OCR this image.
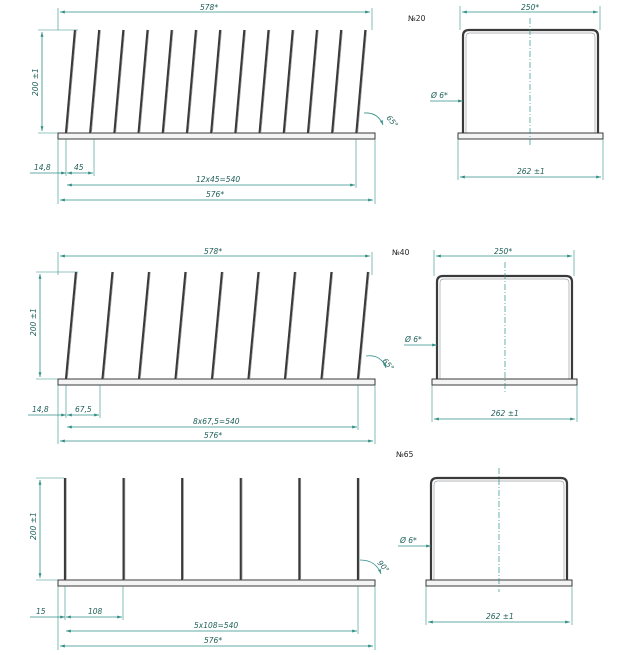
578*
№20
200 ±1
65°
14,8	45
12x45=540
576*
250*
Ø 6*
262 ±1
578*	№40
200 ±1
65°
14,8	67,5
8x67,5=540
576*
250*
Ø 6*
262 ±1
№65
200 ±1
90°
15	108
5x108=540
576*
Ø 6*
262 ±1
